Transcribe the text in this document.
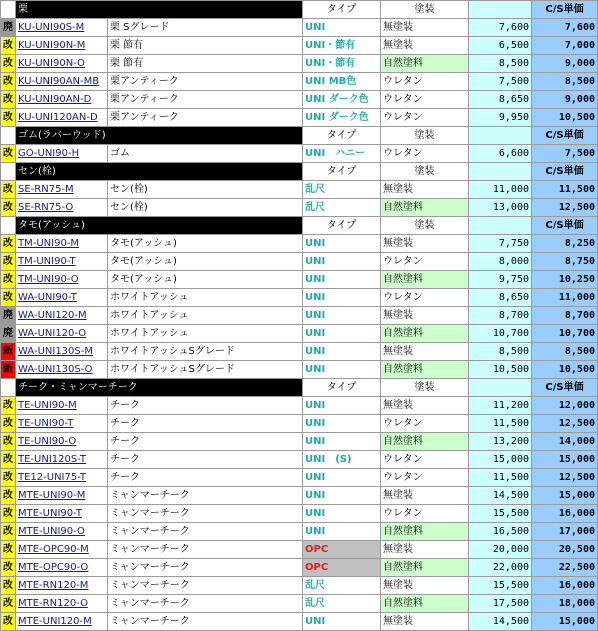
	栗		タイプ	塗装		C/S単価
廃	KU-UNI90S-M	栗 Sグレード	UNI	無塗装	7,600	7,600
改	KU-UNI90N-M	栗 節有	UNI・節有	無塗装	6,500	7,000
改	KU-UNI90N-O	栗 節有	UNI・節有	自然塗料	8,500	9,000
改	KU-UNI90AN-MB	栗アンティーク	UNI MB色	ウレタン	7,500	8,500
改	KU-UNI90AN-D	栗アンティーク	UNI ダーク色	ウレタン	8,650	9,000
改	KU-UNI120AN-D	栗アンティーク	UNI ダーク色	ウレタン	9,950	10,500
	ゴム(ラバーウッド)		タイプ	塗装		C/S単価
改	GO-UNI90-H	ゴム	UNI　ハニー	ウレタン	6,600	7,500
	セン(栓)		タイプ	塗装		C/S単価
改	SE-RN75-M	セン(栓)	乱尺	無塗装	11,000	11,500
改	SE-RN75-O	セン(栓)	乱尺	自然塗料	13,000	12,500
	タモ(アッシュ)		タイプ	塗装		C/S単価
改	TM-UNI90-M	タモ(アッシュ)	UNI	無塗装	7,750	8,250
改	TM-UNI90-T	タモ(アッシュ)	UNI	ウレタン	8,000	8,750
改	TM-UNI90-O	タモ(アッシュ)	UNI	自然塗料	9,750	10,250
改	WA-UNI90-T	ホワイトアッシュ	UNI	ウレタン	8,650	11,000
廃	WA-UNI120-M	ホワイトアッシュ	UNI	無塗装	8,700	8,700
廃	WA-UNI120-O	ホワイトアッシュ	UNI	自然塗料	10,700	10,700
新	WA-UNI130S-M	ホワイトアッシュSグレード	UNI	無塗装	8,500	8,500
新	WA-UNI130S-O	ホワイトアッシュSグレード	UNI	自然塗料	10,500	10,500
	チーク・ミャンマーチーク		タイプ	塗装		C/S単価
改	TE-UNI90-M	チーク	UNI	無塗装	11,200	12,000
改	TE-UNI90-T	チーク	UNI	ウレタン	11,500	12,500
改	TE-UNI90-O	チーク	UNI	自然塗料	13,200	14,000
改	TE-UNI120S-T	チーク	UNI　(S)	ウレタン	15,000	15,000
改	TE12-UNI75-T	チーク	UNI	ウレタン	11,500	12,500
改	MTE-UNI90-M	ミャンマーチーク	UNI	無塗装	14,500	15,000
改	MTE-UNI90-T	ミャンマーチーク	UNI	ウレタン	15,500	16,000
改	MTE-UNI90-O	ミャンマーチーク	UNI	自然塗料	16,500	17,000
改	MTE-OPC90-M	ミャンマーチーク	OPC	無塗装	20,000	20,500
改	MTE-OPC90-O	ミャンマーチーク	OPC	自然塗料	22,000	22,500
改	MTE-RN120-M	ミャンマーチーク	乱尺	無塗装	15,500	16,000
改	MTE-RN120-O	ミャンマーチーク	乱尺	自然塗料	17,500	18,000
改	MTE-UNI120-M	ミャンマーチーク	UNI	無塗装	14,500	15,000
